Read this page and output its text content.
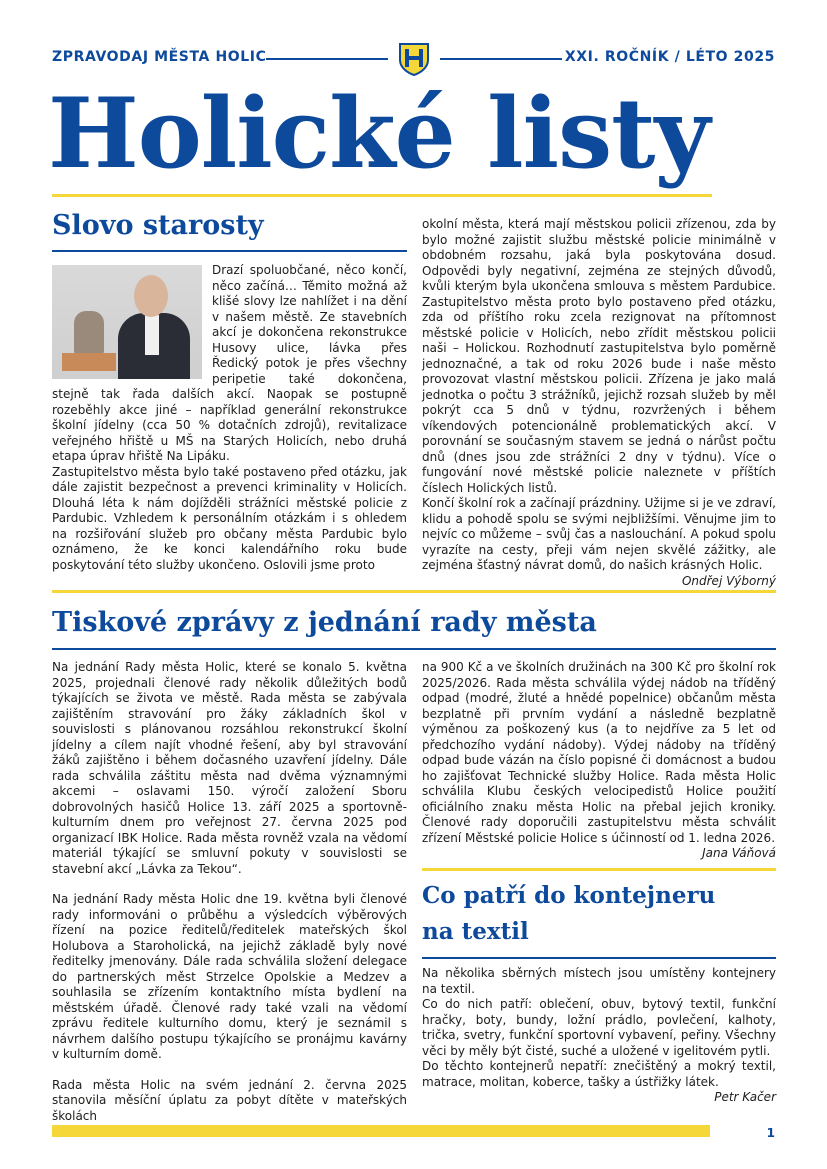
ZPRAVODAJ MĚSTA HOLIC	XXI. ROČNÍK / LÉTO 2025
Holické listy
Slovo starosty

Drazí spoluobčané, něco končí, něco začíná… Těmito možná až klišé slovy lze nahlížet i na dění v našem městě. Ze stavebních akcí je dokončena rekonstrukce Husovy ulice, lávka přes Ředický potok je přes všechny peripetie také dokončena, stejně tak řada dalších akcí. Naopak se postupně rozeběhly akce jiné – například generální rekonstrukce školní jídelny (cca 50 % dotačních zdrojů), revitalizace veřejného hřiště u MŠ na Starých Holicích, nebo druhá etapa úprav hřiště Na Lipáku.

Zastupitelstvo města bylo také postaveno před otázku, jak dále zajistit bezpečnost a prevenci kriminality v Holicích. Dlouhá léta k nám dojížděli strážníci městské policie z Pardubic. Vzhledem k personálním otázkám i s ohledem na rozšiřování služeb pro občany města Pardubic bylo oznámeno, že ke konci kalendářního roku bude poskytování této služby ukončeno. Oslovili jsme proto

okolní města, která mají městskou policii zřízenou, zda by bylo možné zajistit službu městské policie minimálně v obdobném rozsahu, jaká byla poskytována dosud. Odpovědi byly negativní, zejména ze stejných důvodů, kvůli kterým byla ukončena smlouva s městem Pardubice. Zastupitelstvo města proto bylo postaveno před otázku, zda od příštího roku zcela rezignovat na přítomnost městské policie v Holicích, nebo zřídit městskou policii naši – Holickou. Rozhodnutí zastupitelstva bylo poměrně jednoznačné, a tak od roku 2026 bude i naše město provozovat vlastní městskou policii. Zřízena je jako malá jednotka o počtu 3 strážníků, jejichž rozsah služeb by měl pokrýt cca 5 dnů v týdnu, rozvržených i během víkendových potencionálně problematických akcí. V porovnání se současným stavem se jedná o nárůst počtu dnů (dnes jsou zde strážníci 2 dny v týdnu). Více o fungování nové městské policie naleznete v příštích číslech Holických listů.

Končí školní rok a začínají prázdniny. Užijme si je ve zdraví, klidu a pohodě spolu se svými nejbližšími. Věnujme jim to nejvíc co můžeme – svůj čas a naslouchání. A pokud spolu vyrazíte na cesty, přeji vám nejen skvělé zážitky, ale zejména šťastný návrat domů, do našich krásných Holic.

Ondřej Výborný

Tiskové zprávy z jednání rady města

Na jednání Rady města Holic, které se konalo 5. května 2025, projednali členové rady několik důležitých bodů týkajících se života ve městě. Rada města se zabývala zajištěním stravování pro žáky základních škol v souvislosti s plánovanou rozsáhlou rekonstrukcí školní jídelny a cílem najít vhodné řešení, aby byl stravování žáků zajištěno i během dočasného uzavření jídelny. Dále rada schválila záštitu města nad dvěma významnými akcemi – oslavami 150. výročí založení Sboru dobrovolných hasičů Holice 13. září 2025 a sportovně-kulturním dnem pro veřejnost 27. června 2025 pod organizací IBK Holice. Rada města rovněž vzala na vědomí materiál týkající se smluvní pokuty v souvislosti se stavební akcí „Lávka za Tekou“.

Na jednání Rady města Holic dne 19. května byli členové rady informováni o průběhu a výsledcích výběrových řízení na pozice ředitelů/ředitelek mateřských škol Holubova a Staroholická, na jejichž základě byly nové ředitelky jmenovány. Dále rada schválila složení delegace do partnerských měst Strzelce Opolskie a Medzev a souhlasila se zřízením kontaktního místa bydlení na městském úřadě. Členové rady také vzali na vědomí zprávu ředitele kulturního domu, který je seznámil s návrhem dalšího postupu týkajícího se pronájmu kavárny v kulturním domě.

Rada města Holic na svém jednání 2. června 2025 stanovila měsíční úplatu za pobyt dítěte v mateřských školách

na 900 Kč a ve školních družinách na 300 Kč pro školní rok 2025/2026. Rada města schválila výdej nádob na tříděný odpad (modré, žluté a hnědé popelnice) občanům města bezplatně při prvním vydání a následně bezplatně výměnou za poškozený kus (a to nejdříve za 5 let od předchozího vydání nádoby). Výdej nádoby na tříděný odpad bude vázán na číslo popisné či domácnost a budou ho zajišťovat Technické služby Holice. Rada města Holic schválila Klubu českých velocipedistů Holice použití oficiálního znaku města Holic na přebal jejich kroniky. Členové rady doporučili zastupitelstvu města schválit zřízení Městské policie Holice s účinností od 1. ledna 2026.

Jana Váňová

Co patří do kontejneru
na textil

Na několika sběrných místech jsou umístěny kontejnery na textil.

Co do nich patří: oblečení, obuv, bytový textil, funkční hračky, boty, bundy, ložní prádlo, povlečení, kalhoty, trička, svetry, funkční sportovní vybavení, peřiny. Všechny věci by měly být čisté, suché a uložené v igelitovém pytli.

Do těchto kontejnerů nepatří: znečištěný a mokrý textil, matrace, molitan, koberce, tašky a ústřižky látek.

Petr Kačer

1
